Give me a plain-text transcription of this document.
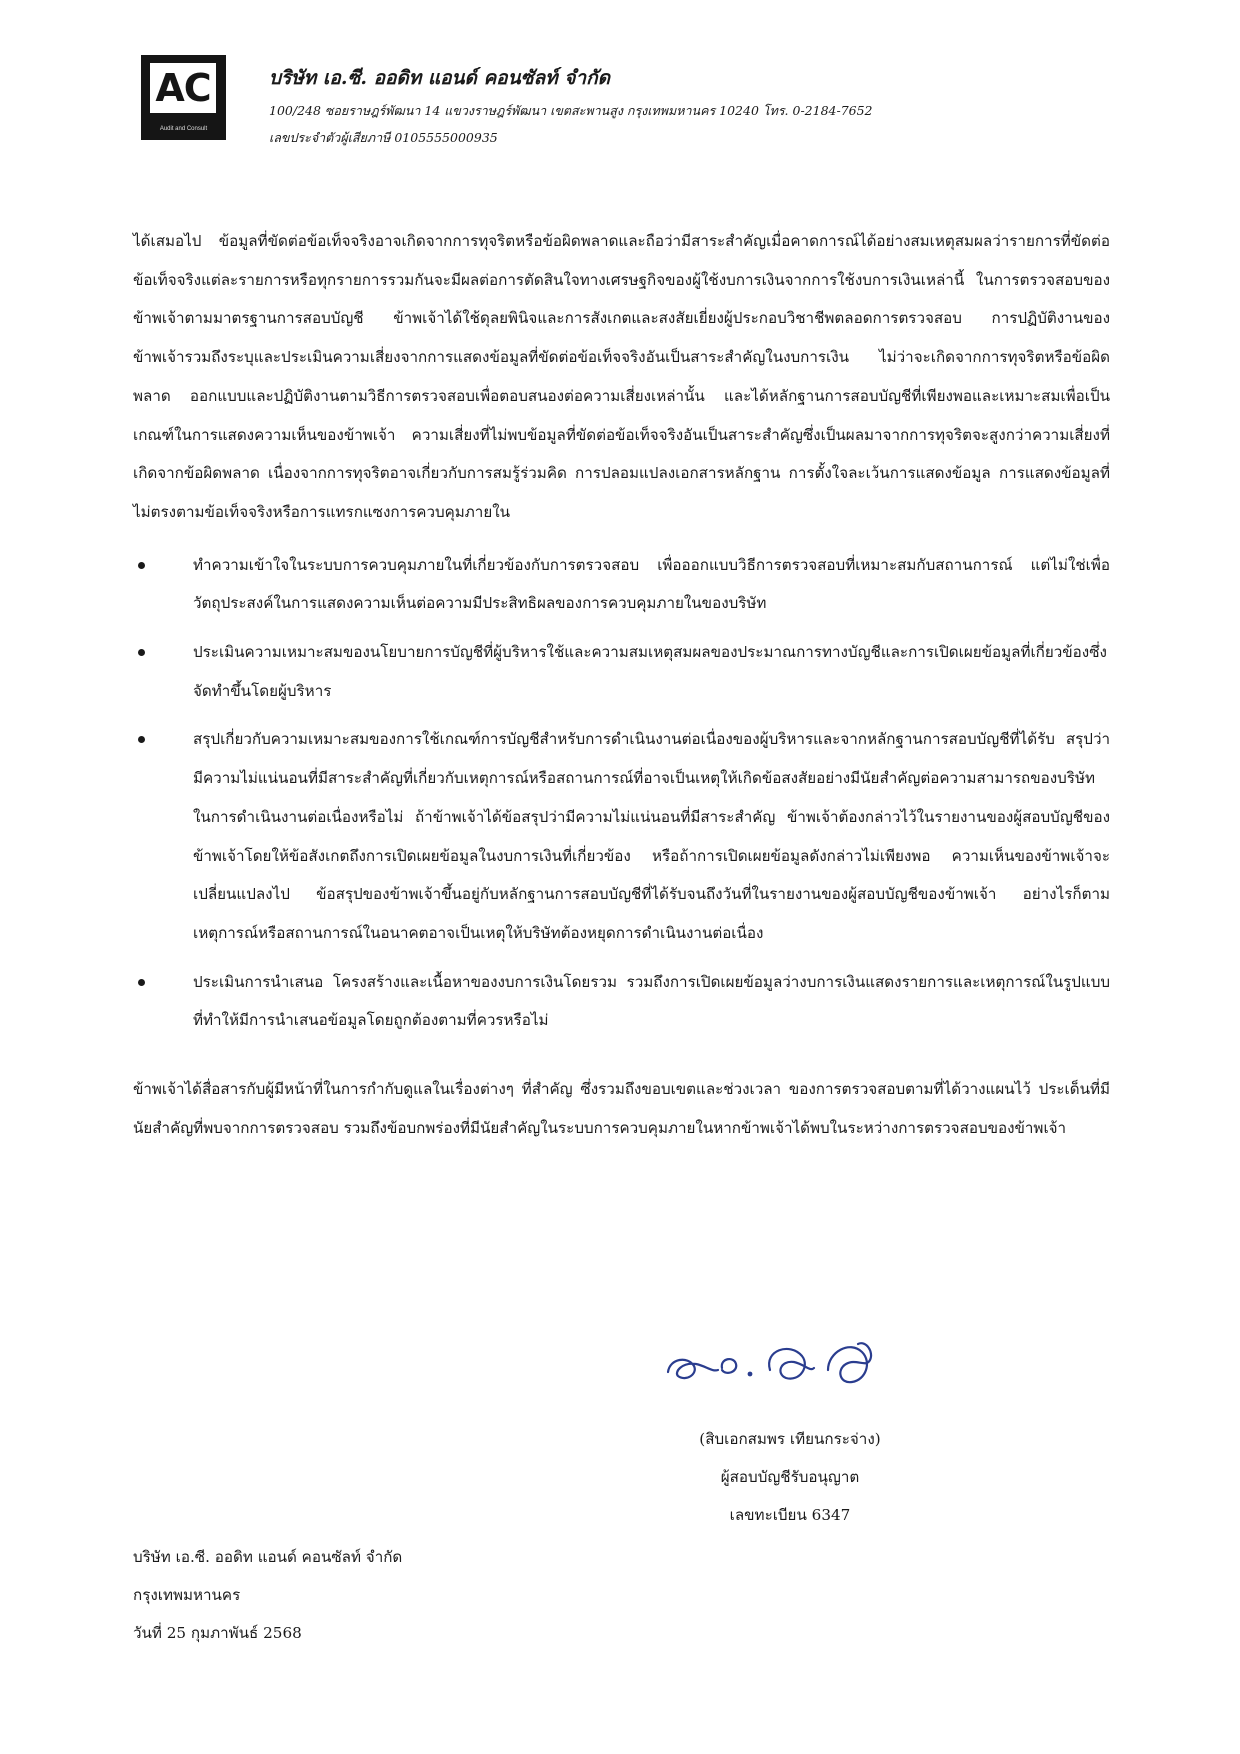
AC
Audit and Consult
บริษัท เอ.ซี. ออดิท แอนด์ คอนซัลท์ จำกัด
100/248 ซอยราษฎร์พัฒนา 14 แขวงราษฎร์พัฒนา เขตสะพานสูง กรุงเทพมหานคร 10240 โทร. 0-2184-7652
เลขประจำตัวผู้เสียภาษี 0105555000935

ได้เสมอไป ข้อมูลที่ขัดต่อข้อเท็จจริงอาจเกิดจากการทุจริตหรือข้อผิดพลาดและถือว่ามีสาระสำคัญเมื่อคาดการณ์ได้อย่างสมเหตุสมผลว่ารายการที่ขัดต่อข้อเท็จจริงแต่ละรายการหรือทุกรายการรวมกันจะมีผลต่อการตัดสินใจทางเศรษฐกิจของผู้ใช้งบการเงินจากการใช้งบการเงินเหล่านี้ ในการตรวจสอบของข้าพเจ้าตามมาตรฐานการสอบบัญชี ข้าพเจ้าได้ใช้ดุลยพินิจและการสังเกตและสงสัยเยี่ยงผู้ประกอบวิชาชีพตลอดการตรวจสอบ การปฏิบัติงานของข้าพเจ้ารวมถึงระบุและประเมินความเสี่ยงจากการแสดงข้อมูลที่ขัดต่อข้อเท็จจริงอันเป็นสาระสำคัญในงบการเงิน ไม่ว่าจะเกิดจากการทุจริตหรือข้อผิดพลาด ออกแบบและปฏิบัติงานตามวิธีการตรวจสอบเพื่อตอบสนองต่อความเสี่ยงเหล่านั้น และได้หลักฐานการสอบบัญชีที่เพียงพอและเหมาะสมเพื่อเป็นเกณฑ์ในการแสดงความเห็นของข้าพเจ้า ความเสี่ยงที่ไม่พบข้อมูลที่ขัดต่อข้อเท็จจริงอันเป็นสาระสำคัญซึ่งเป็นผลมาจากการทุจริตจะสูงกว่าความเสี่ยงที่เกิดจากข้อผิดพลาด เนื่องจากการทุจริตอาจเกี่ยวกับการสมรู้ร่วมคิด การปลอมแปลงเอกสารหลักฐาน การตั้งใจละเว้นการแสดงข้อมูล การแสดงข้อมูลที่ไม่ตรงตามข้อเท็จจริงหรือการแทรกแซงการควบคุมภายใน

ทำความเข้าใจในระบบการควบคุมภายในที่เกี่ยวข้องกับการตรวจสอบ เพื่อออกแบบวิธีการตรวจสอบที่เหมาะสมกับสถานการณ์ แต่ไม่ใช่เพื่อวัตถุประสงค์ในการแสดงความเห็นต่อความมีประสิทธิผลของการควบคุมภายในของบริษัท
ประเมินความเหมาะสมของนโยบายการบัญชีที่ผู้บริหารใช้และความสมเหตุสมผลของประมาณการทางบัญชีและการเปิดเผยข้อมูลที่เกี่ยวข้องซึ่งจัดทำขึ้นโดยผู้บริหาร
สรุปเกี่ยวกับความเหมาะสมของการใช้เกณฑ์การบัญชีสำหรับการดำเนินงานต่อเนื่องของผู้บริหารและจากหลักฐานการสอบบัญชีที่ได้รับ สรุปว่ามีความไม่แน่นอนที่มีสาระสำคัญที่เกี่ยวกับเหตุการณ์หรือสถานการณ์ที่อาจเป็นเหตุให้เกิดข้อสงสัยอย่างมีนัยสำคัญต่อความสามารถของบริษัทในการดำเนินงานต่อเนื่องหรือไม่ ถ้าข้าพเจ้าได้ข้อสรุปว่ามีความไม่แน่นอนที่มีสาระสำคัญ ข้าพเจ้าต้องกล่าวไว้ในรายงานของผู้สอบบัญชีของข้าพเจ้าโดยให้ข้อสังเกตถึงการเปิดเผยข้อมูลในงบการเงินที่เกี่ยวข้อง หรือถ้าการเปิดเผยข้อมูลดังกล่าวไม่เพียงพอ ความเห็นของข้าพเจ้าจะเปลี่ยนแปลงไป ข้อสรุปของข้าพเจ้าขึ้นอยู่กับหลักฐานการสอบบัญชีที่ได้รับจนถึงวันที่ในรายงานของผู้สอบบัญชีของข้าพเจ้า อย่างไรก็ตาม เหตุการณ์หรือสถานการณ์ในอนาคตอาจเป็นเหตุให้บริษัทต้องหยุดการดำเนินงานต่อเนื่อง
ประเมินการนำเสนอ โครงสร้างและเนื้อหาของงบการเงินโดยรวม รวมถึงการเปิดเผยข้อมูลว่างบการเงินแสดงรายการและเหตุการณ์ในรูปแบบที่ทำให้มีการนำเสนอข้อมูลโดยถูกต้องตามที่ควรหรือไม่

ข้าพเจ้าได้สื่อสารกับผู้มีหน้าที่ในการกำกับดูแลในเรื่องต่างๆ ที่สำคัญ ซึ่งรวมถึงขอบเขตและช่วงเวลา ของการตรวจสอบตามที่ได้วางแผนไว้ ประเด็นที่มีนัยสำคัญที่พบจากการตรวจสอบ รวมถึงข้อบกพร่องที่มีนัยสำคัญในระบบการควบคุมภายในหากข้าพเจ้าได้พบในระหว่างการตรวจสอบของข้าพเจ้า

(สิบเอกสมพร เทียนกระจ่าง)
ผู้สอบบัญชีรับอนุญาต
เลขทะเบียน 6347
บริษัท เอ.ซี. ออดิท แอนด์ คอนซัลท์ จำกัด
กรุงเทพมหานคร
วันที่ 25 กุมภาพันธ์ 2568
